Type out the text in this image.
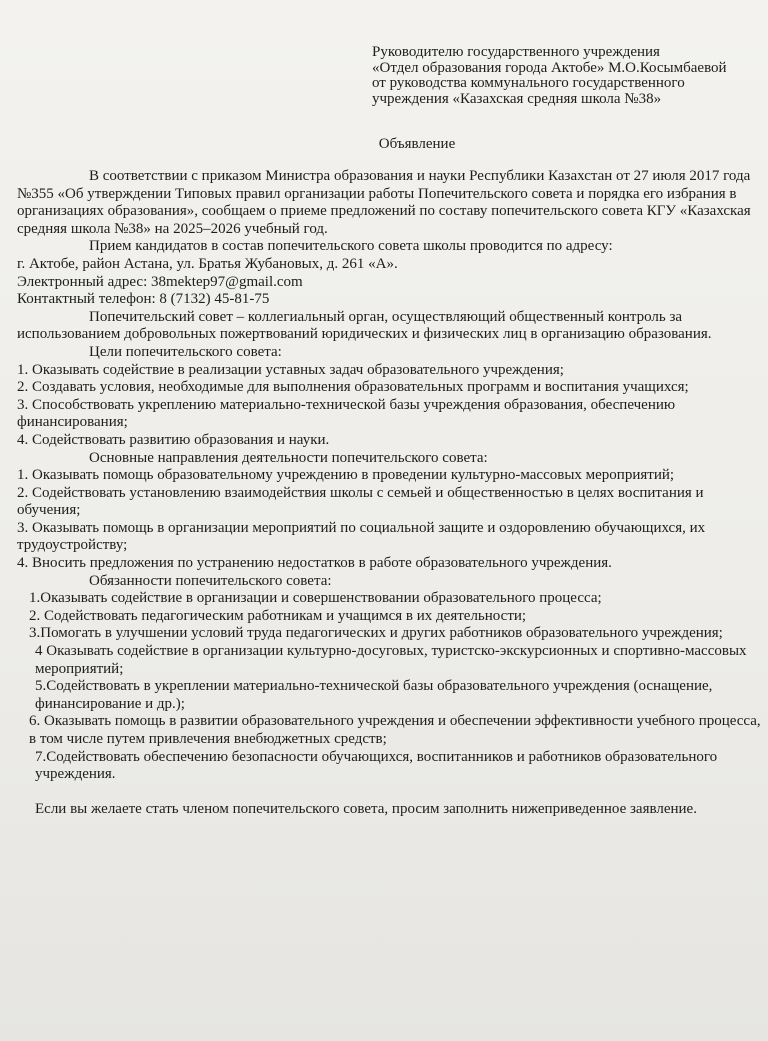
Руководителю государственного учреждения
«Отдел образования города Актобе» М.О.Косымбаевой
от руководства коммунального государственного
учреждения «Казахская средняя школа №38»
Объявление

В соответствии с приказом Министра образования и науки Республики Казахстан от 27 июля 2017 года №355 «Об утверждении Типовых правил организации работы Попечительского совета и порядка его избрания в организациях образования», сообщаем о приеме предложений по составу попечительского совета КГУ «Казахская средняя школа №38» на 2025–2026 учебный год.

Прием кандидатов в состав попечительского совета школы проводится по адресу:

г. Актобе, район Астана, ул. Братья Жубановых, д. 261 «А».

Электронный адрес: 38mektep97@gmail.com

Контактный телефон: 8 (7132) 45-81-75

Попечительский совет – коллегиальный орган, осуществляющий общественный контроль за использованием добровольных пожертвований юридических и физических лиц в организацию образования.

Цели попечительского совета:

1. Оказывать содействие в реализации уставных задач образовательного учреждения;

2. Создавать условия, необходимые для выполнения образовательных программ и воспитания учащихся;

3. Способствовать укреплению материально-технической базы учреждения образования, обеспечению финансирования;

4. Содействовать развитию образования и науки.

Основные направления деятельности попечительского совета:

1. Оказывать помощь образовательному учреждению в проведении культурно-массовых мероприятий;

2. Содействовать установлению взаимодействия школы с семьей и общественностью в целях воспитания и обучения;

3. Оказывать помощь в организации мероприятий по социальной защите и оздоровлению обучающихся, их трудоустройству;

4. Вносить предложения по устранению недостатков в работе образовательного учреждения.

Обязанности попечительского совета:

1.Оказывать содействие в организации и совершенствовании образовательного процесса;

2. Содействовать педагогическим работникам и учащимся в их деятельности;

3.Помогать в улучшении условий труда педагогических и других работников образовательного учреждения;

4 Оказывать содействие в организации культурно-досуговых, туристско-экскурсионных и спортивно-массовых мероприятий;

5.Содействовать в укреплении материально-технической базы образовательного учреждения (оснащение, финансирование и др.);

6. Оказывать помощь в развитии образовательного учреждения и обеспечении эффективности учебного процесса, в том числе путем привлечения внебюджетных средств;

7.Содействовать обеспечению безопасности обучающихся, воспитанников и работников образовательного учреждения.

Если вы желаете стать членом попечительского совета, просим заполнить нижеприведенное заявление.
